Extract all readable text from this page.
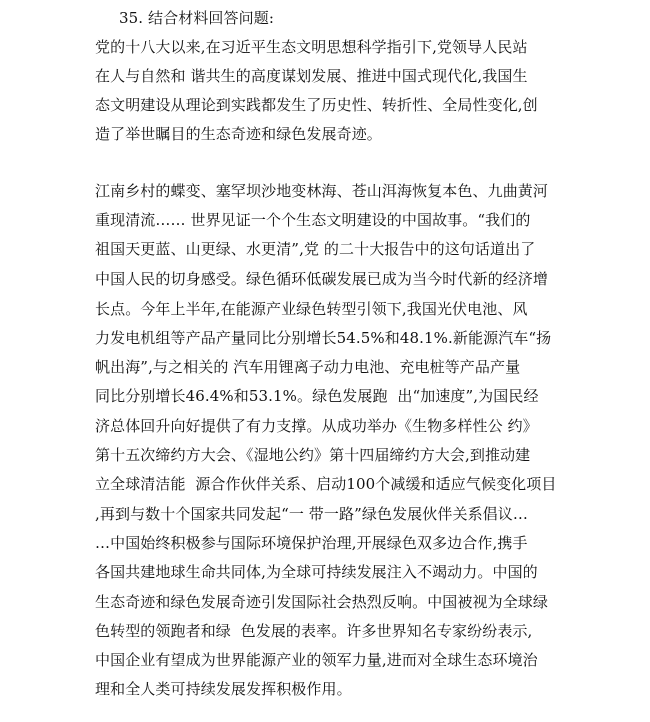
35. 结合材料回答问题:
党的十八大以来,在习近平生态文明思想科学指引下,党领导人民站
在人与自然和 谐共生的高度谋划发展、推进中国式现代化,我国生
态文明建设从理论到实践都发生了历史性、转折性、全局性变化,创
造了举世瞩目的生态奇迹和绿色发展奇迹。
江南乡村的蝶变、塞罕坝沙地变林海、苍山洱海恢复本色、九曲黄河
重现清流…… 世界见证一个个生态文明建设的中国故事。“我们的
祖国天更蓝、山更绿、水更清”,党 的二十大报告中的这句话道出了
中国人民的切身感受。绿色循环低碳发展已成为当今时代新的经济增
长点。今年上半年,在能源产业绿色转型引领下,我国光伏电池、风
力发电机组等产品产量同比分别增长54.5%和48.1%.新能源汽车“扬
帆出海”,与之相关的 汽车用锂离子动力电池、充电桩等产品产量
同比分别增长46.4%和53.1%。绿色发展跑  出“加速度”,为国民经
济总体回升向好提供了有力支撑。从成功举办《生物多样性公 约》
第十五次缔约方大会、《湿地公约》第十四届缔约方大会,到推动建
立全球清洁能  源合作伙伴关系、启动100个减缓和适应气候变化项目
,再到与数十个国家共同发起“一 带一路”绿色发展伙伴关系倡议…
…中国始终积极参与国际环境保护治理,开展绿色双多边合作,携手
各国共建地球生命共同体,为全球可持续发展注入不竭动力。中国的
生态奇迹和绿色发展奇迹引发国际社会热烈反响。中国被视为全球绿
色转型的领跑者和绿  色发展的表率。许多世界知名专家纷纷表示,
中国企业有望成为世界能源产业的领军力量,进而对全球生态环境治
理和全人类可持续发展发挥积极作用。
